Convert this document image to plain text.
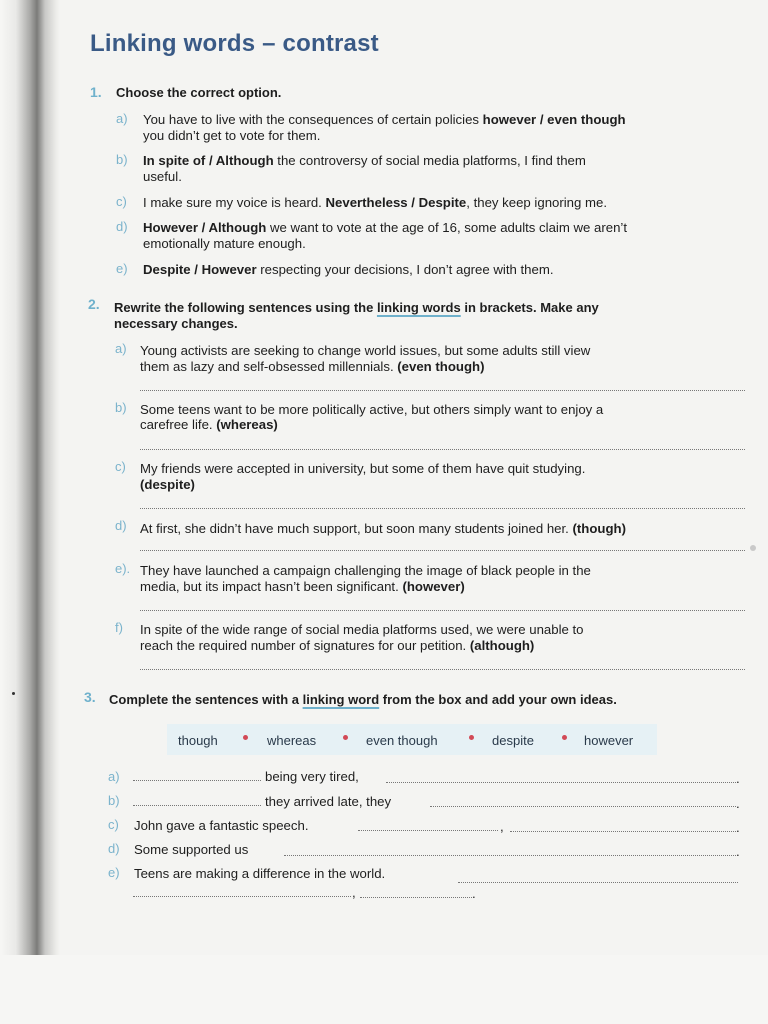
Linking words – contrast
1. Choose the correct option.
a) You have to live with the consequences of certain policies however / even though
you didn’t get to vote for them.
b) In spite of / Although the controversy of social media platforms, I find them
useful.
c) I make sure my voice is heard. Nevertheless / Despite, they keep ignoring me.
d) However / Although we want to vote at the age of 16, some adults claim we aren’t
emotionally mature enough.
e) Despite / However respecting your decisions, I don’t agree with them.
2. Rewrite the following sentences using the linking words in brackets. Make any
necessary changes.
a) Young activists are seeking to change world issues, but some adults still view
them as lazy and self-obsessed millennials. (even though)
b) Some teens want to be more politically active, but others simply want to enjoy a
carefree life. (whereas)
c) My friends were accepted in university, but some of them have quit studying.
(despite)
d) At first, she didn’t have much support, but soon many students joined her. (though)
e). They have launched a campaign challenging the image of black people in the
media, but its impact hasn’t been significant. (however)
f) In spite of the wide range of social media platforms used, we were unable to
reach the required number of signatures for our petition. (although)
3. Complete the sentences with a linking word from the box and add your own ideas.
though	whereas	even though	despite	however
a)	being very tired,	.
b)	they arrived late, they	.
c) John gave a fantastic speech.	,	.
d) Some supported us	.
e) Teens are making a difference in the world.
,	.
